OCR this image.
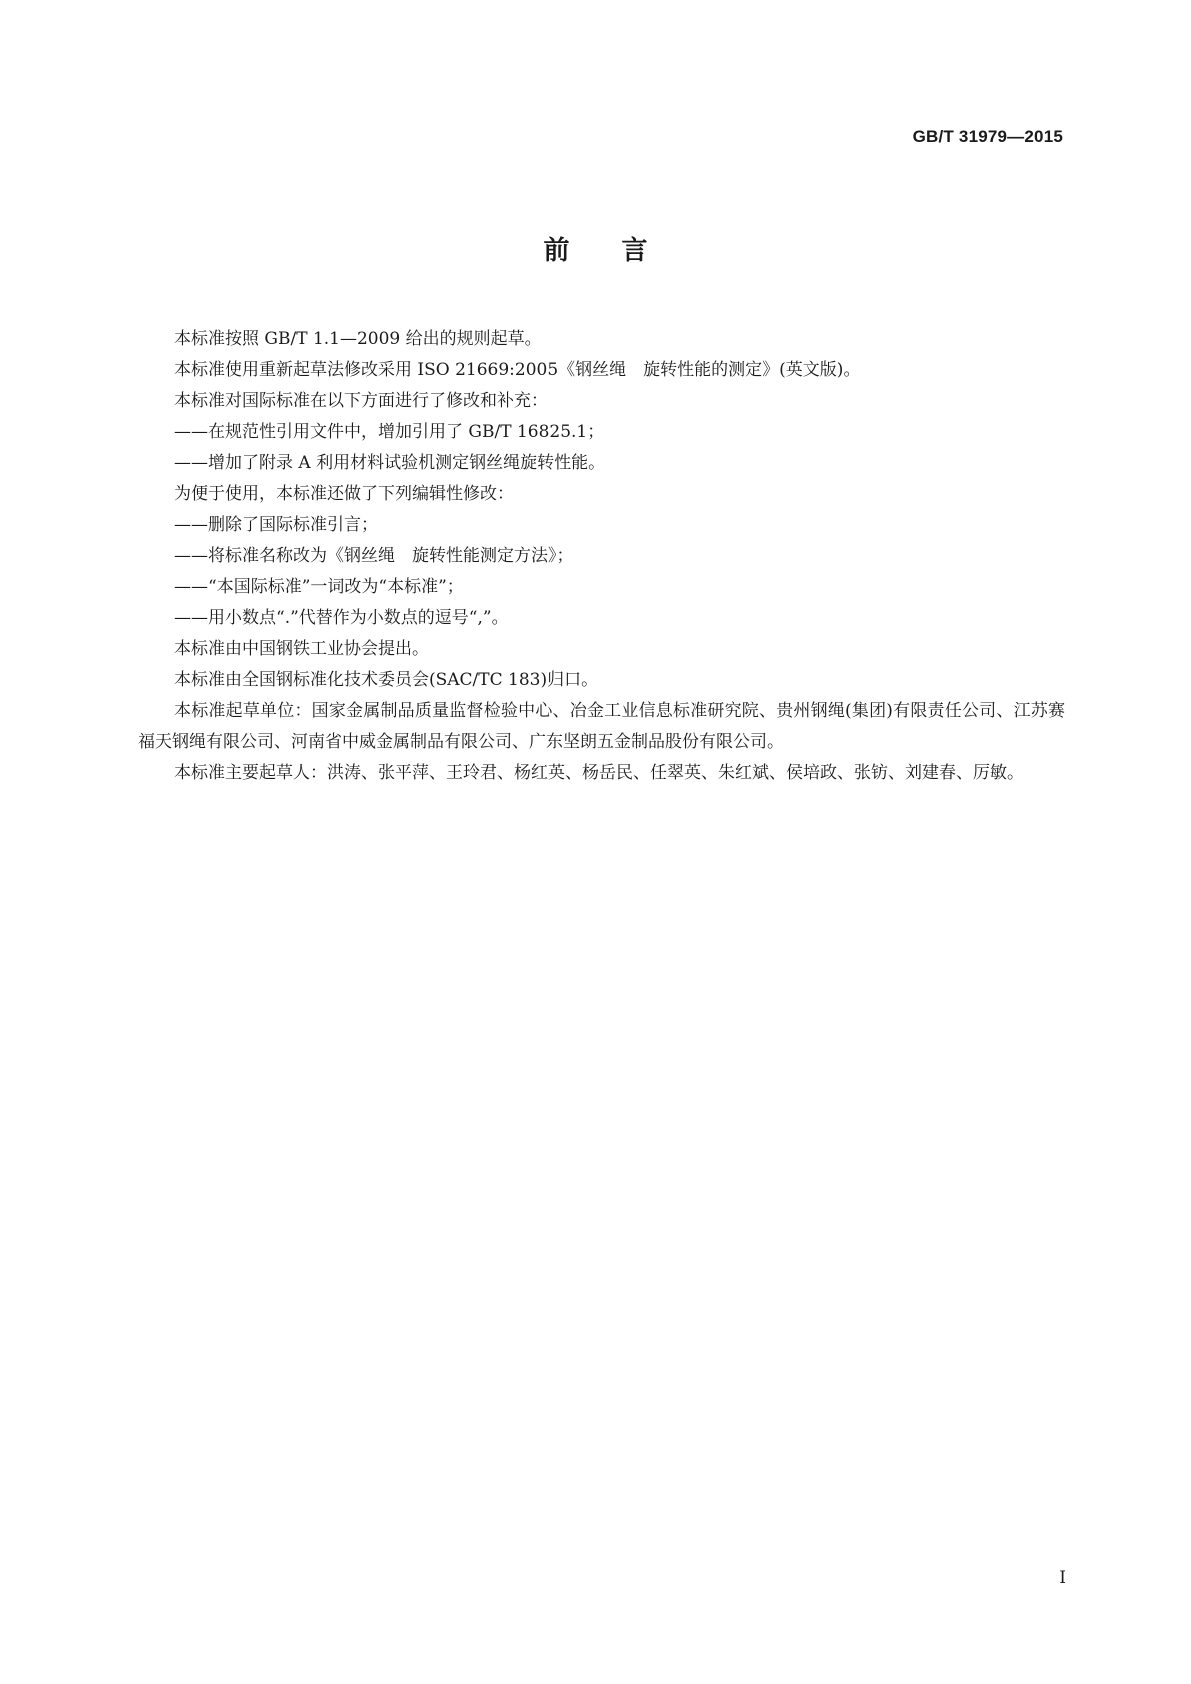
GB/T 31979—2015
前言

本标准按照 GB/T 1.1—2009 给出的规则起草。

本标准使用重新起草法修改采用 ISO 21669:2005《钢丝绳　旋转性能的测定》(英文版)。

本标准对国际标准在以下方面进行了修改和补充：

——在规范性引用文件中，增加引用了 GB/T 16825.1；

——增加了附录 A 利用材料试验机测定钢丝绳旋转性能。

为便于使用，本标准还做了下列编辑性修改：

——删除了国际标准引言；

——将标准名称改为《钢丝绳　旋转性能测定方法》；

——“本国际标准”一词改为“本标准”；

——用小数点“.”代替作为小数点的逗号“,”。

本标准由中国钢铁工业协会提出。

本标准由全国钢标准化技术委员会(SAC/TC 183)归口。

本标准起草单位：国家金属制品质量监督检验中心、冶金工业信息标准研究院、贵州钢绳(集团)有限责任公司、江苏赛福天钢绳有限公司、河南省中威金属制品有限公司、广东坚朗五金制品股份有限公司。

本标准主要起草人：洪涛、张平萍、王玲君、杨红英、杨岳民、任翠英、朱红斌、侯培政、张钫、刘建春、厉敏。

I
